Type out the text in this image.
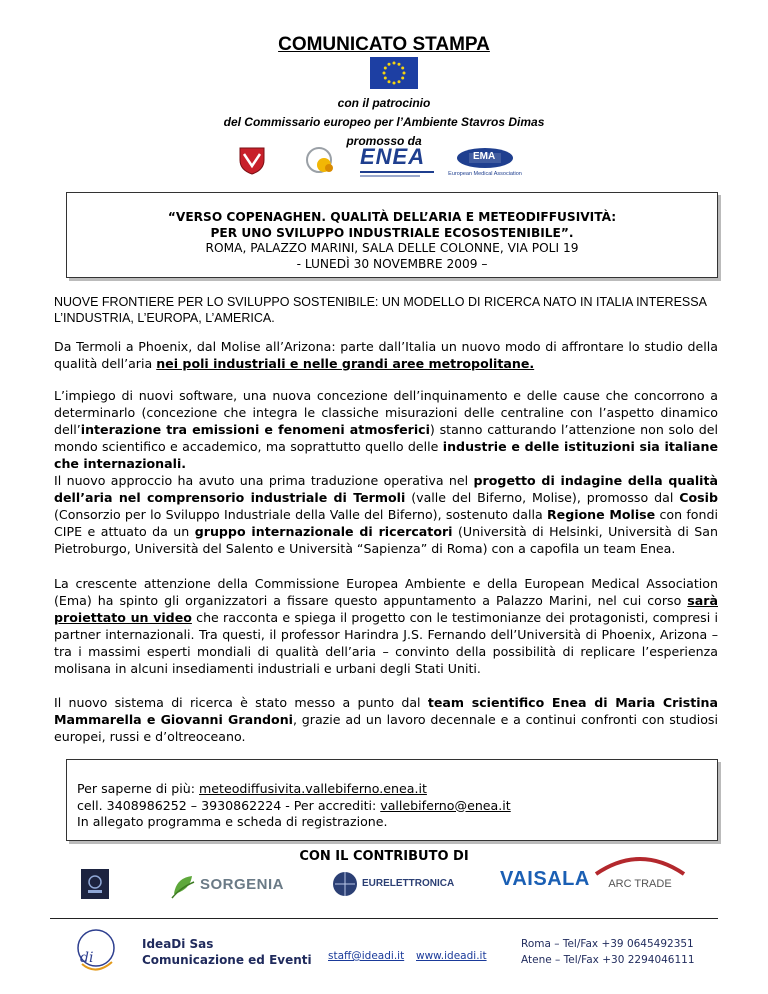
COMUNICATO STAMPA
con il patrocinio
del Commissario europeo per l’Ambiente Stavros Dimas
promosso da
ENEA	EMA
European Medical Association
“VERSO COPENAGHEN. QUALITÀ DELL’ARIA E METEODIFFUSIVITÀ:
PER UNO SVILUPPO INDUSTRIALE ECOSOSTENIBILE”.
ROMA, PALAZZO MARINI, SALA DELLE COLONNE, VIA POLI 19
- LUNEDÌ 30 NOVEMBRE 2009 –
NUOVE FRONTIERE PER LO SVILUPPO SOSTENIBILE: UN MODELLO DI RICERCA NATO IN ITALIA INTERESSA L’INDUSTRIA, L’EUROPA, L’AMERICA.
Da Termoli a Phoenix, dal Molise all’Arizona: parte dall’Italia un nuovo modo di affrontare lo studio della qualità dell’aria nei poli industriali e nelle grandi aree metropolitane.
L’impiego di nuovi software, una nuova concezione dell’inquinamento e delle cause che concorrono a determinarlo (concezione che integra le classiche misurazioni delle centraline con l’aspetto dinamico dell’interazione tra emissioni e fenomeni atmosferici) stanno catturando l’attenzione non solo del mondo scientifico e accademico, ma soprattutto quello delle industrie e delle istituzioni sia italiane che internazionali.
Il nuovo approccio ha avuto una prima traduzione operativa nel progetto di indagine della qualità dell’aria nel comprensorio industriale di Termoli (valle del Biferno, Molise), promosso dal Cosib (Consorzio per lo Sviluppo Industriale della Valle del Biferno), sostenuto dalla Regione Molise con fondi CIPE e attuato da un gruppo internazionale di ricercatori (Università di Helsinki, Università di San Pietroburgo, Università del Salento e Università “Sapienza” di Roma) con a capofila un team Enea.
La crescente attenzione della Commissione Europea Ambiente e della European Medical Association (Ema) ha spinto gli organizzatori a fissare questo appuntamento a Palazzo Marini, nel cui corso sarà proiettato un video che racconta e spiega il progetto con le testimonianze dei protagonisti, compresi i partner internazionali. Tra questi, il professor Harindra J.S. Fernando dell’Università di Phoenix, Arizona – tra i massimi esperti mondiali di qualità dell’aria – convinto della possibilità di replicare l’esperienza molisana in alcuni insediamenti industriali e urbani degli Stati Uniti.
Il nuovo sistema di ricerca è stato messo a punto dal team scientifico Enea di Maria Cristina Mammarella e Giovanni Grandoni, grazie ad un lavoro decennale e a continui confronti con studiosi europei, russi e d’oltreoceano.
Per saperne di più: meteodiffusivita.vallebiferno.enea.it
cell. 3408986252 – 3930862224 - Per accrediti: vallebiferno@enea.it
In allegato programma e scheda di registrazione.
CON IL CONTRIBUTO DI
SORGENIA	EURELETTRONICA VAISALA	ARC TRADE
di
IdeaDi Sas
Comunicazione ed Eventi staff@ideadi.it www.ideadi.it
Roma – Tel/Fax +39 0645492351
Atene – Tel/Fax +30 2294046111
